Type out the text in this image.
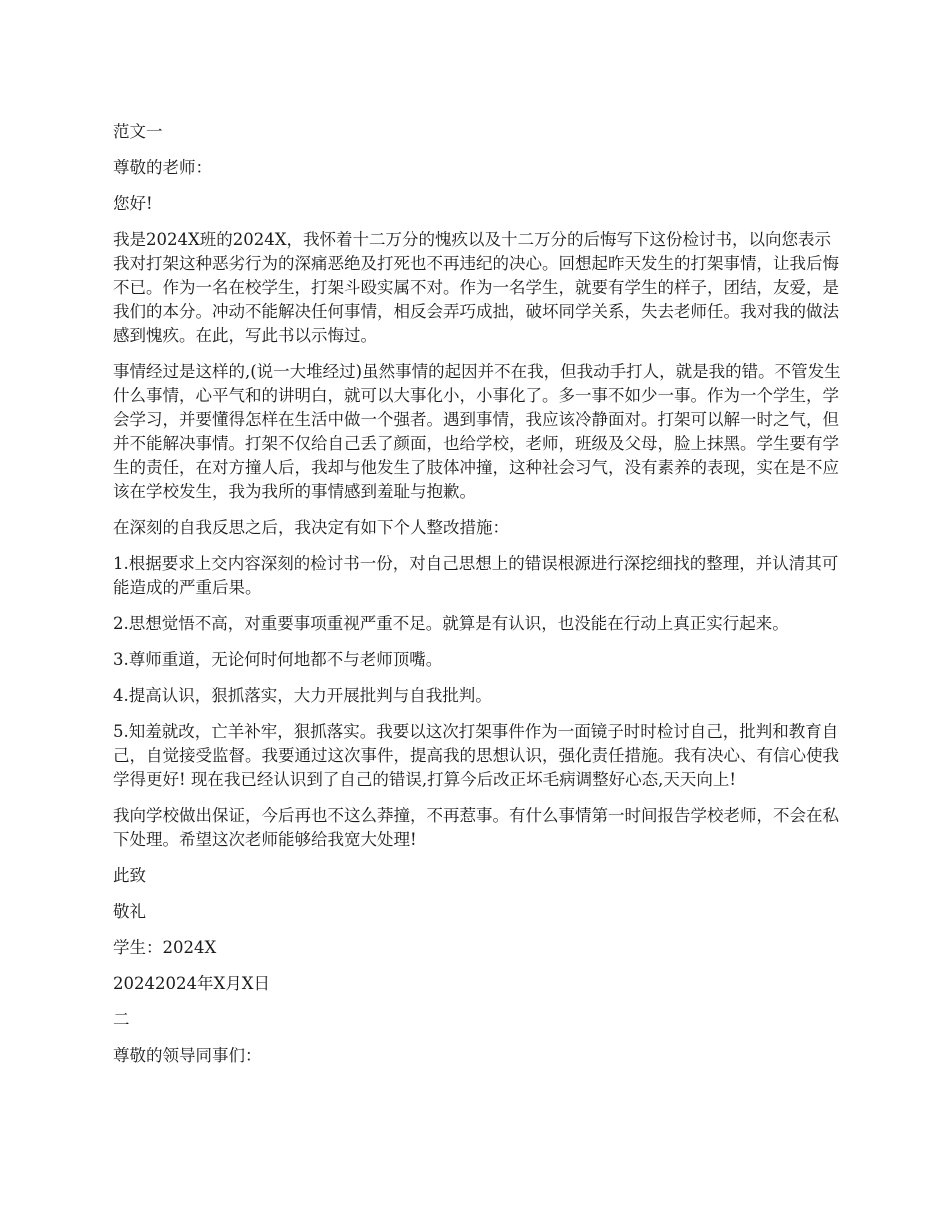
范文一

尊敬的老师：

您好!

我是2024X班的2024X，我怀着十二万分的愧疚以及十二万分的后悔写下这份检讨书，以向您表示我对打架这种恶劣行为的深痛恶绝及打死也不再违纪的决心。回想起昨天发生的打架事情，让我后悔不已。作为一名在校学生，打架斗殴实属不对。作为一名学生，就要有学生的样子，团结，友爱，是我们的本分。冲动不能解决任何事情，相反会弄巧成拙，破坏同学关系，失去老师任。我对我的做法感到愧疚。在此，写此书以示悔过。

事情经过是这样的,(说一大堆经过)虽然事情的起因并不在我，但我动手打人，就是我的错。不管发生什么事情，心平气和的讲明白，就可以大事化小，小事化了。多一事不如少一事。作为一个学生，学会学习，并要懂得怎样在生活中做一个强者。遇到事情，我应该冷静面对。打架可以解一时之气，但并不能解决事情。打架不仅给自己丢了颜面，也给学校，老师，班级及父母，脸上抹黑。学生要有学生的责任，在对方撞人后，我却与他发生了肢体冲撞，这种社会习气，没有素养的表现，实在是不应该在学校发生，我为我所的事情感到羞耻与抱歉。

在深刻的自我反思之后，我决定有如下个人整改措施：

1.根据要求上交内容深刻的检讨书一份，对自己思想上的错误根源进行深挖细找的整理，并认清其可能造成的严重后果。

2.思想觉悟不高，对重要事项重视严重不足。就算是有认识，也没能在行动上真正实行起来。

3.尊师重道，无论何时何地都不与老师顶嘴。

4.提高认识，狠抓落实，大力开展批判与自我批判。

5.知羞就改，亡羊补牢，狠抓落实。我要以这次打架事件作为一面镜子时时检讨自己，批判和教育自己，自觉接受监督。我要通过这次事件，提高我的思想认识，强化责任措施。我有决心、有信心使我学得更好! 现在我已经认识到了自己的错误,打算今后改正坏毛病调整好心态,天天向上!

我向学校做出保证，今后再也不这么莽撞，不再惹事。有什么事情第一时间报告学校老师，不会在私下处理。希望这次老师能够给我宽大处理!

此致

敬礼

学生：2024X

20242024年X月X日

二

尊敬的领导同事们：
